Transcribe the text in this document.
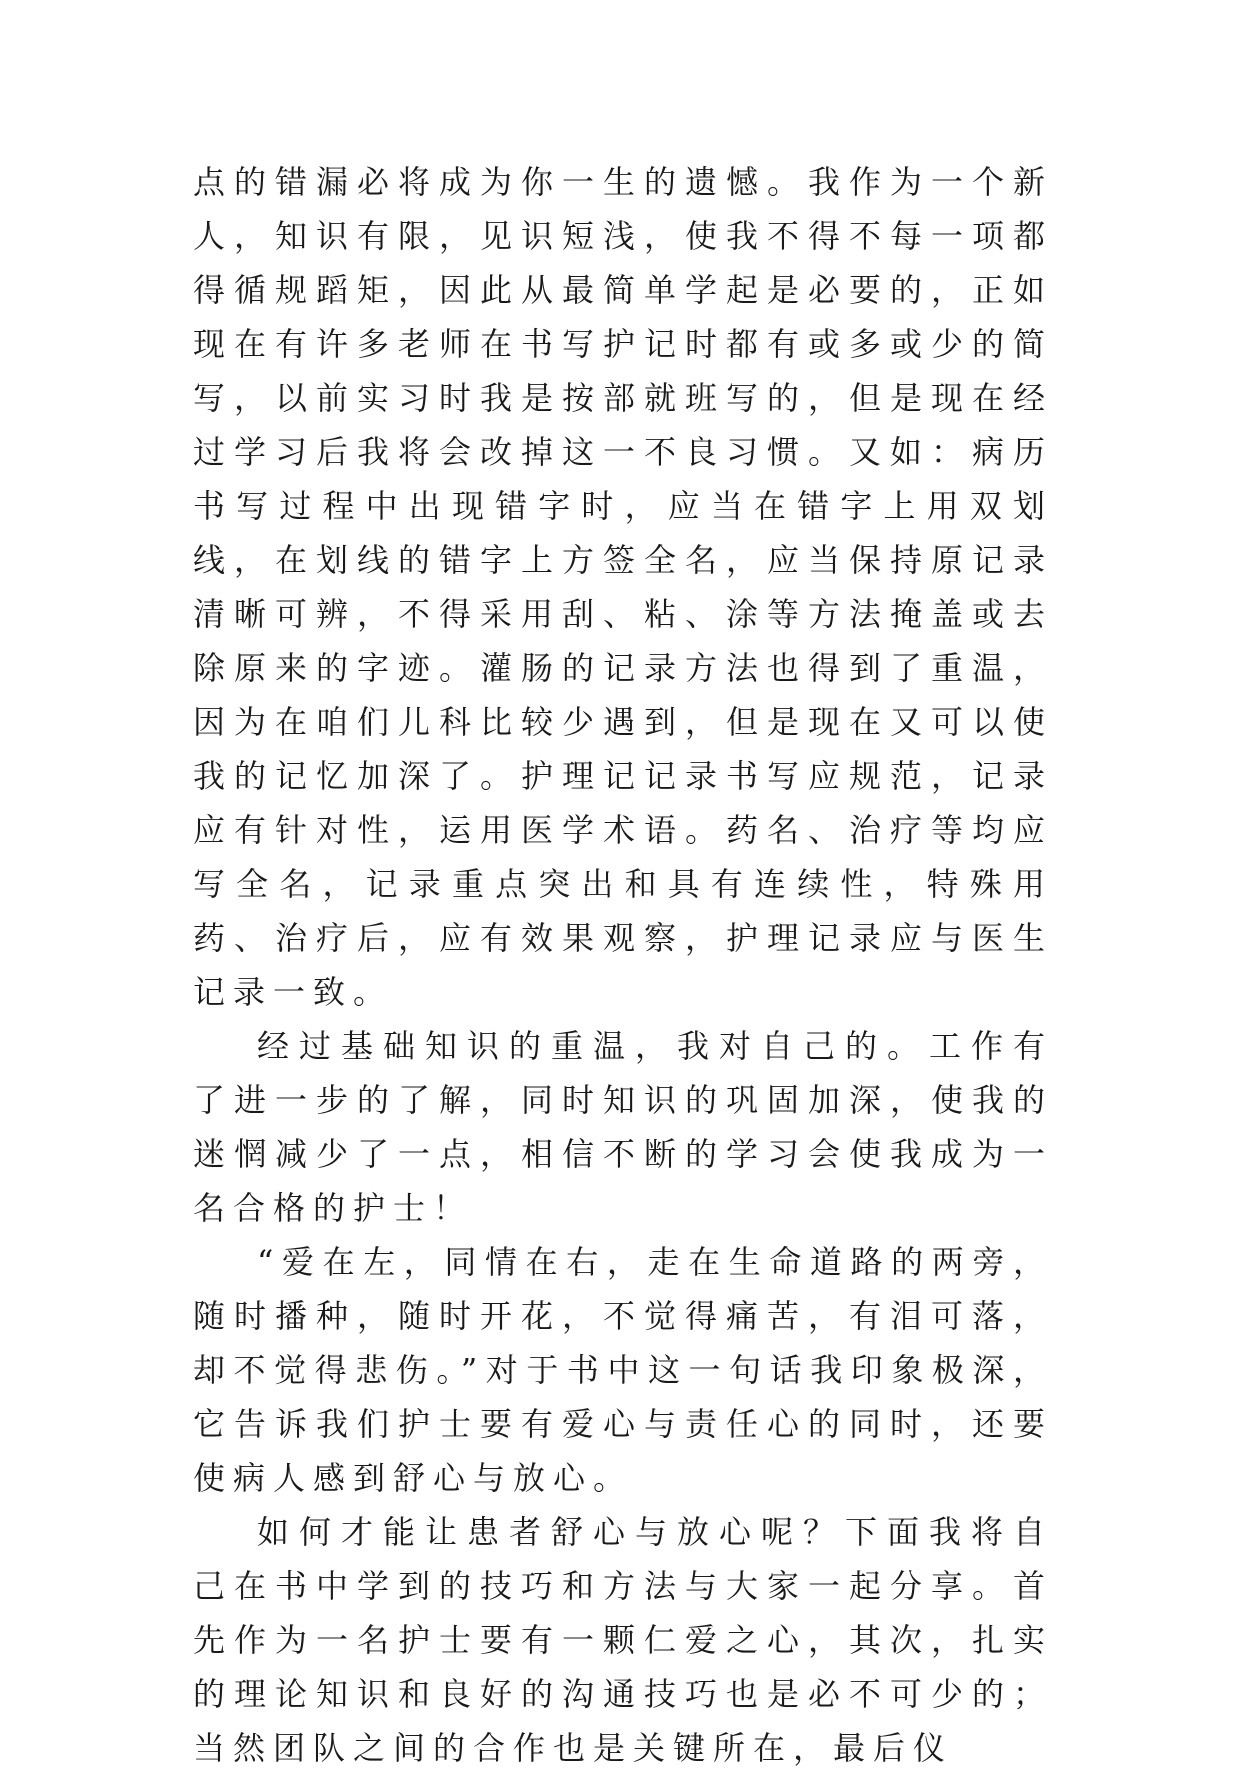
点的错漏必将成为你一生的遗憾。我作为一个新人，知识有限，见识短浅，使我不得不每一项都得循规蹈矩，因此从最简单学起是必要的，正如现在有许多老师在书写护记时都有或多或少的简写，以前实习时我是按部就班写的，但是现在经过学习后我将会改掉这一不良习惯。又如：病历书写过程中出现错字时，应当在错字上用双划线，在划线的错字上方签全名，应当保持原记录清晰可辨，不得采用刮、粘、涂等方法掩盖或去除原来的字迹。灌肠的记录方法也得到了重温，因为在咱们儿科比较少遇到，但是现在又可以使我的记忆加深了。护理记记录书写应规范，记录应有针对性，运用医学术语。药名、治疗等均应写全名，记录重点突出和具有连续性，特殊用药、治疗后，应有效果观察，护理记录应与医生记录一致。

经过基础知识的重温，我对自己的。工作有了进一步的了解，同时知识的巩固加深，使我的迷惘减少了一点，相信不断的学习会使我成为一名合格的护士！

“爱在左，同情在右，走在生命道路的两旁，随时播种，随时开花，不觉得痛苦，有泪可落，却不觉得悲伤。”对于书中这一句话我印象极深，它告诉我们护士要有爱心与责任心的同时，还要使病人感到舒心与放心。

如何才能让患者舒心与放心呢？下面我将自己在书中学到的技巧和方法与大家一起分享。首先作为一名护士要有一颗仁爱之心，其次，扎实的理论知识和良好的沟通技巧也是必不可少的；当然团队之间的合作也是关键所在，最后仪
